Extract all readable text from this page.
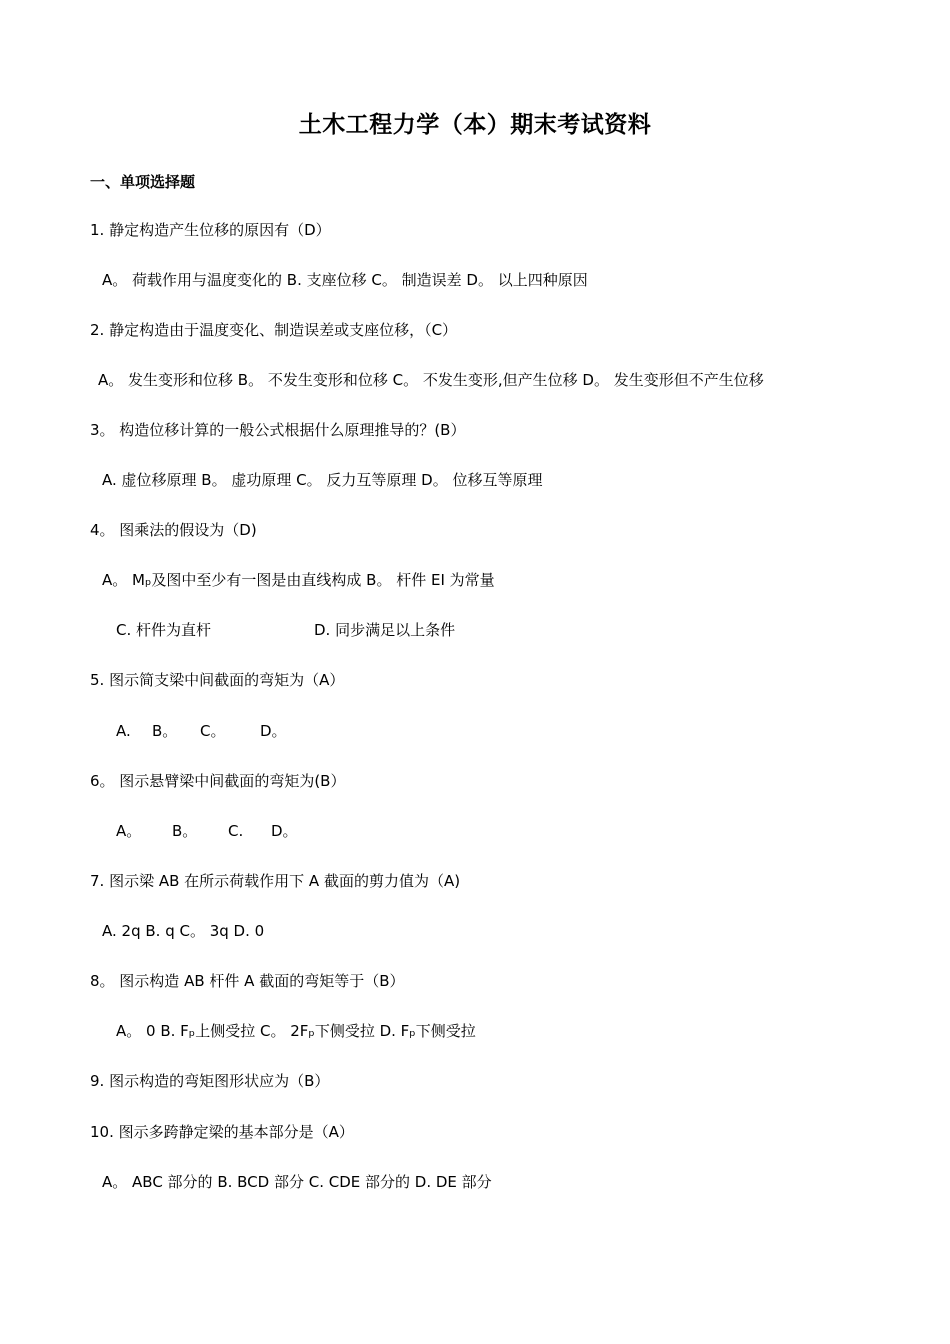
土木工程力学（本）期末考试资料
一、单项选择题
1. 静定构造产生位移的原因有（D）
A。 荷载作用与温度变化的 B. 支座位移 C。 制造误差 D。 以上四种原因
2. 静定构造由于温度变化、制造误差或支座位移，（C）
A。 发生变形和位移 B。 不发生变形和位移 C。 不发生变形,但产生位移 D。 发生变形但不产生位移
3。 构造位移计算的一般公式根据什么原理推导的？(B）
A. 虚位移原理 B。 虚功原理 C。 反力互等原理 D。 位移互等原理
4。 图乘法的假设为（D)
A。 Mₚ及图中至少有一图是由直线构成 B。 杆件 EI 为常量
C. 杆件为直杆	D. 同步满足以上条件
5. 图示简支梁中间截面的弯矩为（A）
A. B。 C。 D。
6。 图示悬臂梁中间截面的弯矩为(B）
A。 B。 C. D。
7. 图示梁 AB 在所示荷载作用下 A 截面的剪力值为（A)
A. 2q B. q C。 3q D. 0
8。 图示构造 AB 杆件 A 截面的弯矩等于（B）
A。 0 B. Fₚ上侧受拉 C。 2Fₚ下侧受拉 D. Fₚ下侧受拉
9. 图示构造的弯矩图形状应为（B）
10. 图示多跨静定梁的基本部分是（A）
A。 ABC 部分的 B. BCD 部分 C. CDE 部分的 D. DE 部分
